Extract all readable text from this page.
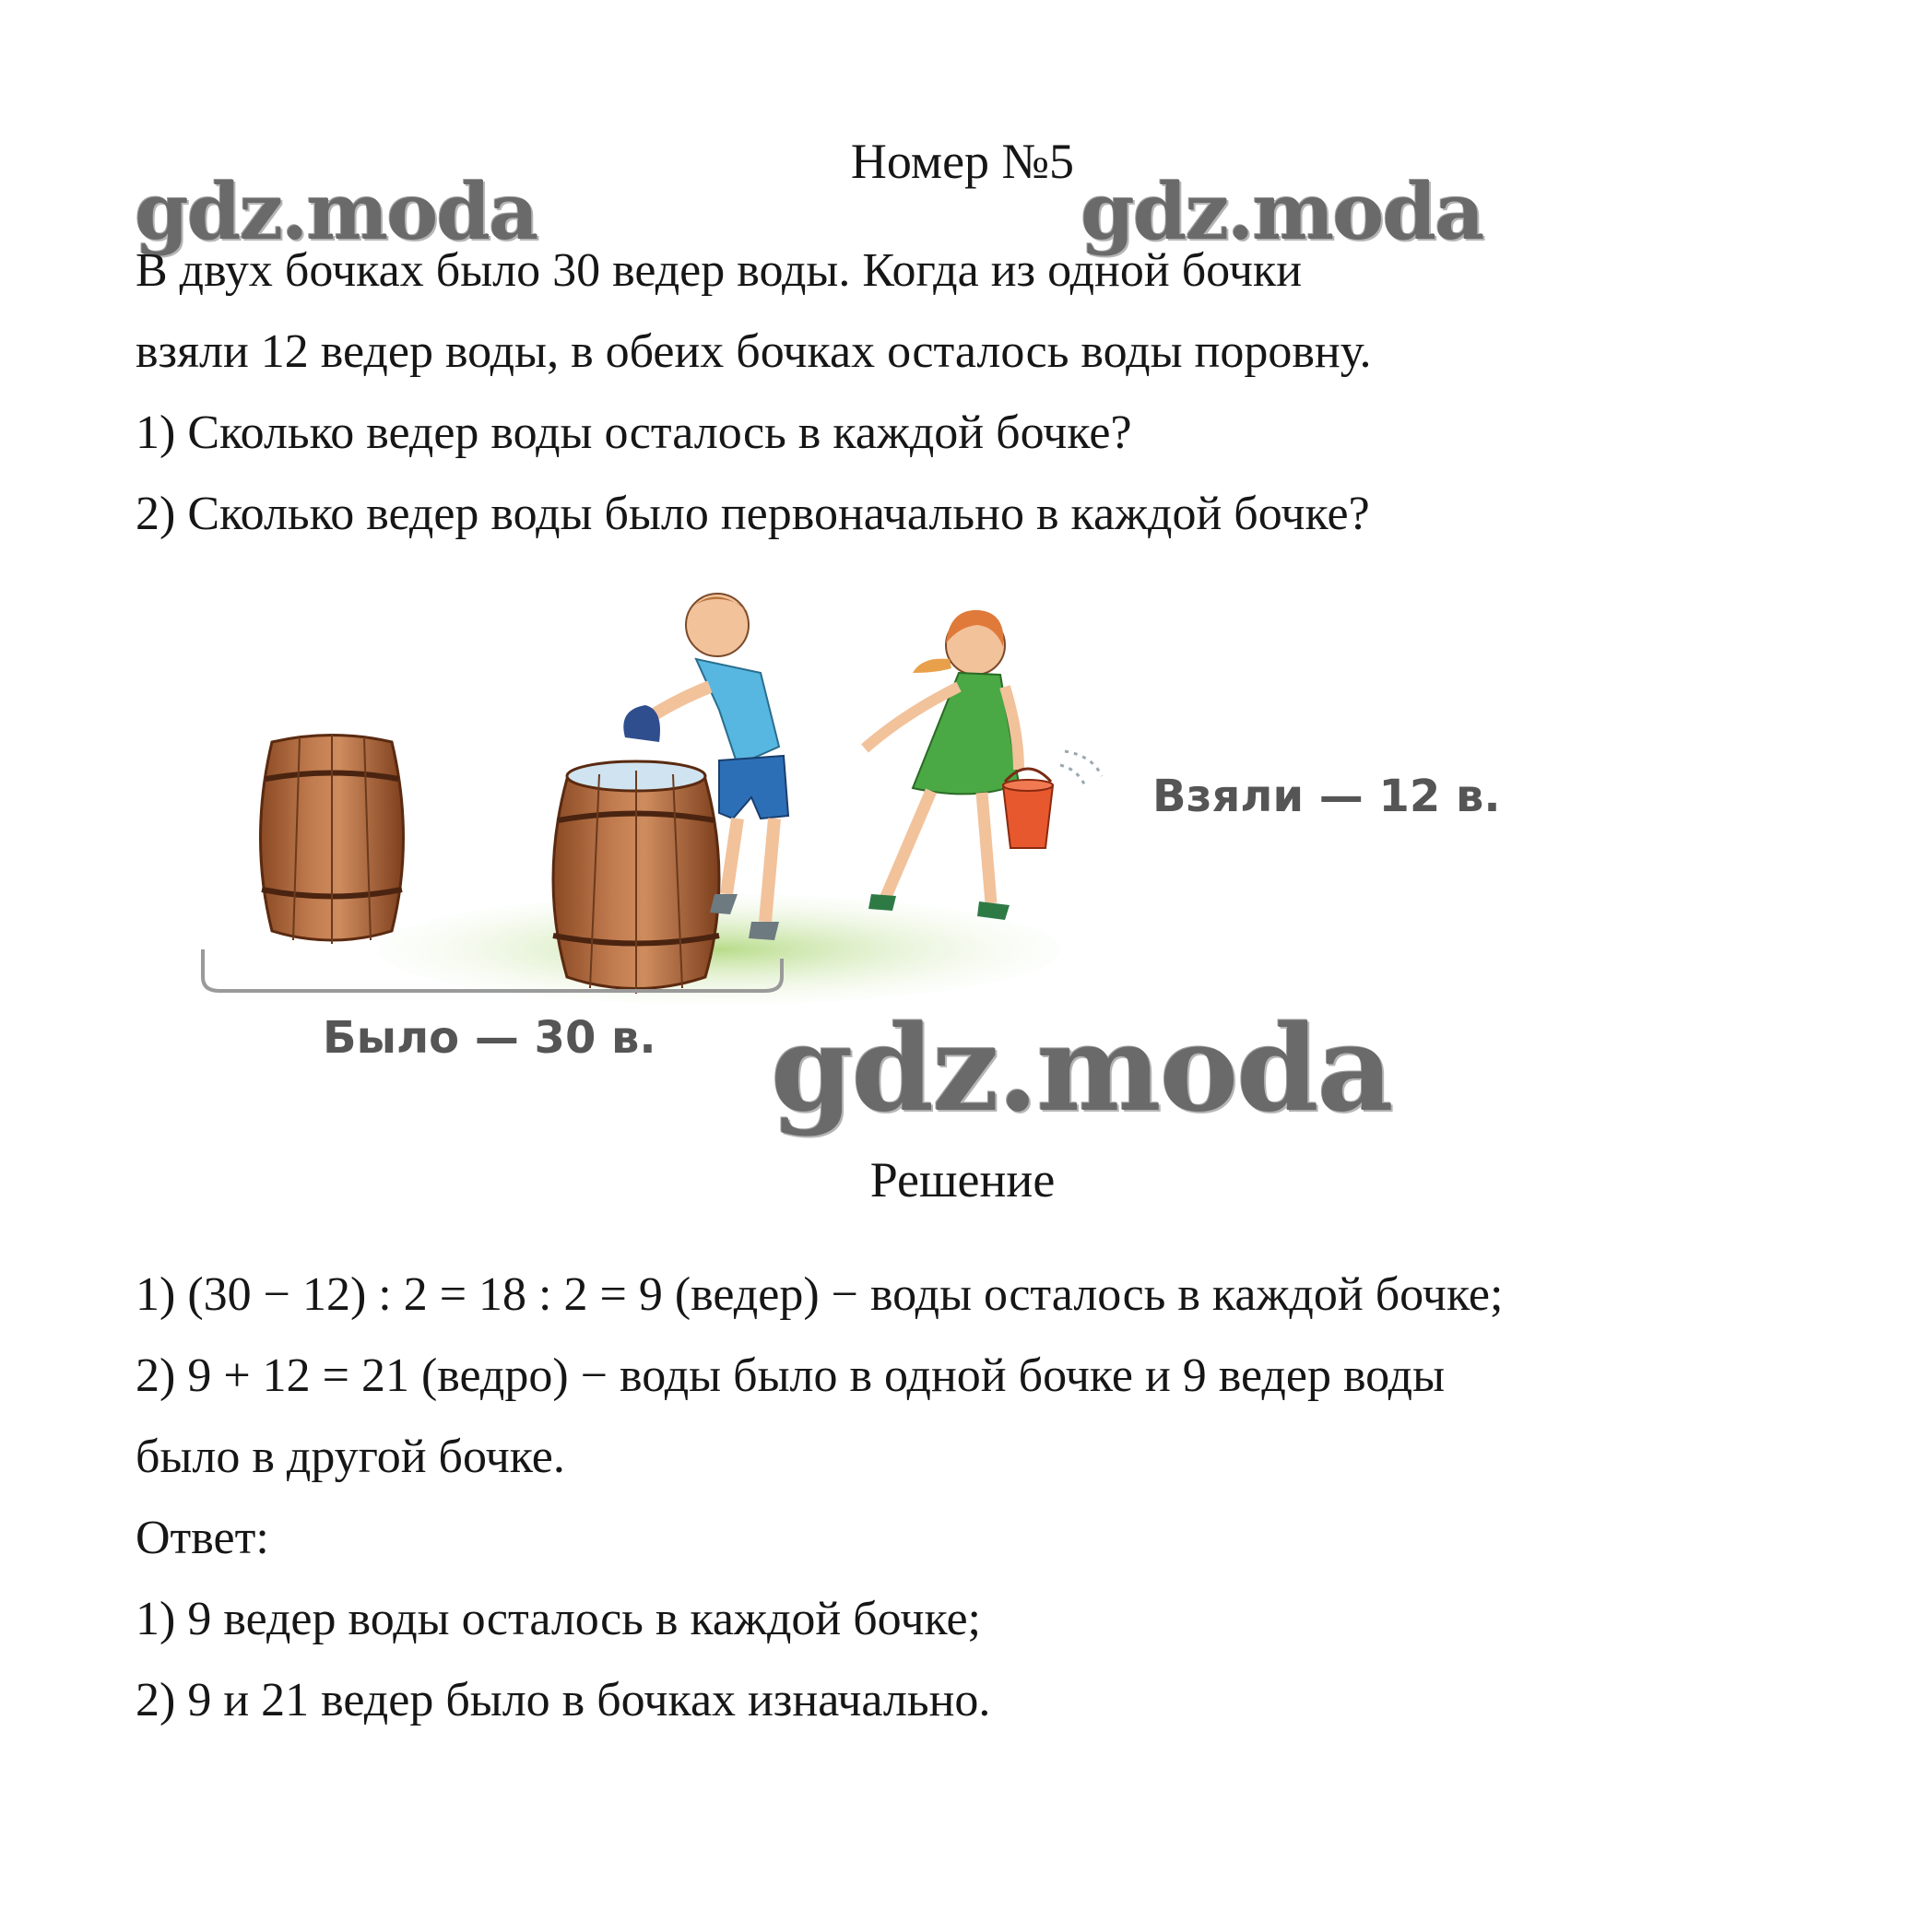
Номер №5
gdz.moda	gdz.moda
В двух бочках было 30 ведер воды. Когда из одной бочки
взяли 12 ведер воды, в обеих бочках осталось воды поровну.
1) Сколько ведер воды осталось в каждой бочке?
2) Сколько ведер воды было первоначально в каждой бочке?
Взяли — 12 в.
Было — 30 в. gdz.moda
Решение
1) (30 − 12) : 2 = 18 : 2 = 9 (ведер) − воды осталось в каждой бочке;
2) 9 + 12 = 21 (ведро) − воды было в одной бочке и 9 ведер воды
было в другой бочке.
Ответ:
1) 9 ведер воды осталось в каждой бочке;
2) 9 и 21 ведер было в бочках изначально.
